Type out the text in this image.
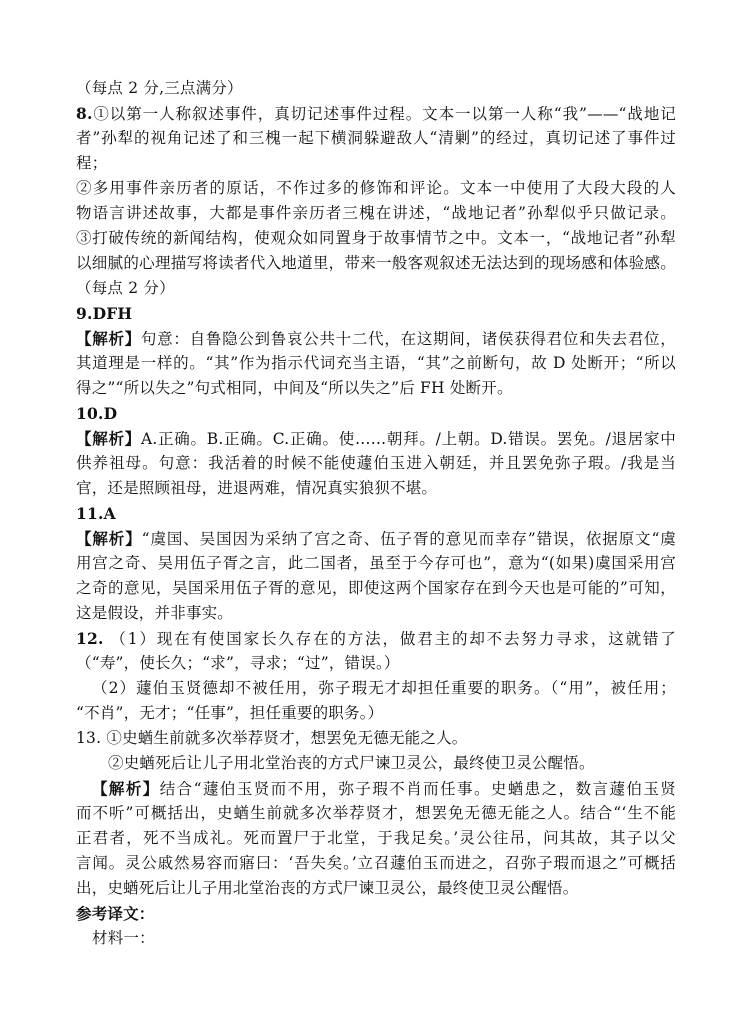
（每点 2 分,三点满分）
8.①以第一人称叙述事件，真切记述事件过程。文本一以第一人称“我”——“战地记
者”孙犁的视角记述了和三槐一起下横洞躲避敌人“清剿”的经过，真切记述了事件过
程；
②多用事件亲历者的原话，不作过多的修饰和评论。文本一中使用了大段大段的人
物语言讲述故事，大都是事件亲历者三槐在讲述，“战地记者”孙犁似乎只做记录。
③打破传统的新闻结构，使观众如同置身于故事情节之中。文本一，“战地记者”孙犁
以细腻的心理描写将读者代入地道里，带来一般客观叙述无法达到的现场感和体验感。
（每点 2 分）
9.DFH
【解析】句意：自鲁隐公到鲁哀公共十二代，在这期间，诸侯获得君位和失去君位，
其道理是一样的。“其”作为指示代词充当主语，“其”之前断句，故 D 处断开；“所以
得之”“所以失之”句式相同，中间及“所以失之”后 FH 处断开。
10.D
【解析】A.正确。B.正确。C.正确。使……朝拜。/上朝。D.错误。罢免。/退居家中
供养祖母。句意：我活着的时候不能使蘧伯玉进入朝廷，并且罢免弥子瑕。/我是当
官，还是照顾祖母，进退两难，情况真实狼狈不堪。
11.A
【解析】“虞国、吴国因为采纳了宫之奇、伍子胥的意见而幸存”错误，依据原文“虞
用宫之奇、吴用伍子胥之言，此二国者，虽至于今存可也”，意为“(如果)虞国采用宫
之奇的意见，吴国采用伍子胥的意见，即使这两个国家存在到今天也是可能的”可知，
这是假设，并非事实。
12. （1）现在有使国家长久存在的方法，做君主的却不去努力寻求，这就错了
（“寿”，使长久；“求”，寻求；“过”，错误。）
（2）蘧伯玉贤德却不被任用，弥子瑕无才却担任重要的职务。（“用”，被任用；
“不肖”，无才；“任事”，担任重要的职务。）
13. ①史蝤生前就多次举荐贤才，想罢免无德无能之人。
②史蝤死后让儿子用北堂治丧的方式尸谏卫灵公，最终使卫灵公醒悟。
【解析】结合“蘧伯玉贤而不用，弥子瑕不肖而任事。史蝤患之，数言蘧伯玉贤
而不听”可概括出，史蝤生前就多次举荐贤才，想罢免无德无能之人。结合“‘生不能
正君者，死不当成礼。死而置尸于北堂，于我足矣。’灵公往吊，问其故，其子以父
言闻。灵公戚然易容而寤曰：‘吾失矣。’立召蘧伯玉而进之，召弥子瑕而退之”可概括
出，史蝤死后让儿子用北堂治丧的方式尸谏卫灵公，最终使卫灵公醒悟。
参考译文：
材料一：
